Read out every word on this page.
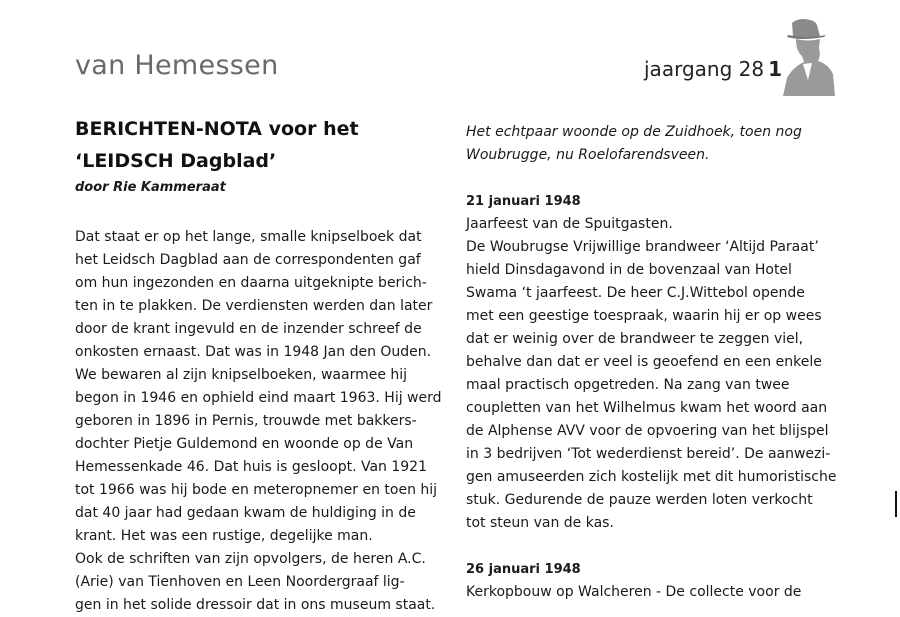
van Hemessen	jaargang 28 1
BERICHTEN-NOTA voor het
‘LEIDSCH Dagblad’
door Rie Kammeraat
Dat staat er op het lange, smalle knipselboek dat
het Leidsch Dagblad aan de correspondenten gaf
om hun ingezonden en daarna uitgeknipte berich-
ten in te plakken. De verdiensten werden dan later
door de krant ingevuld en de inzender schreef de
onkosten ernaast. Dat was in 1948 Jan den Ouden.
We bewaren al zijn knipselboeken, waarmee hij
begon in 1946 en ophield eind maart 1963. Hij werd
geboren in 1896 in Pernis, trouwde met bakkers-
dochter Pietje Guldemond en woonde op de Van
Hemessenkade 46. Dat huis is gesloopt. Van 1921
tot 1966 was hij bode en meteropnemer en toen hij
dat 40 jaar had gedaan kwam de huldiging in de
krant. Het was een rustige, degelijke man.
Ook de schriften van zijn opvolgers, de heren A.C.
(Arie) van Tienhoven en Leen Noordergraaf lig-
gen in het solide dressoir dat in ons museum staat.
Het echtpaar woonde op de Zuidhoek, toen nog
Woubrugge, nu Roelofarendsveen.
21 januari 1948
Jaarfeest van de Spuitgasten.
De Woubrugse Vrijwillige brandweer ‘Altijd Paraat’
hield Dinsdagavond in de bovenzaal van Hotel
Swama ‘t jaarfeest. De heer C.J.Wittebol opende
met een geestige toespraak, waarin hij er op wees
dat er weinig over de brandweer te zeggen viel,
behalve dan dat er veel is geoefend en een enkele
maal practisch opgetreden. Na zang van twee
coupletten van het Wilhelmus kwam het woord aan
de Alphense AVV voor de opvoering van het blijspel
in 3 bedrijven ‘Tot wederdienst bereid’. De aanwezi-
gen amuseerden zich kostelijk met dit humoristische
stuk. Gedurende de pauze werden loten verkocht
tot steun van de kas.
26 januari 1948
Kerkopbouw op Walcheren - De collecte voor de
